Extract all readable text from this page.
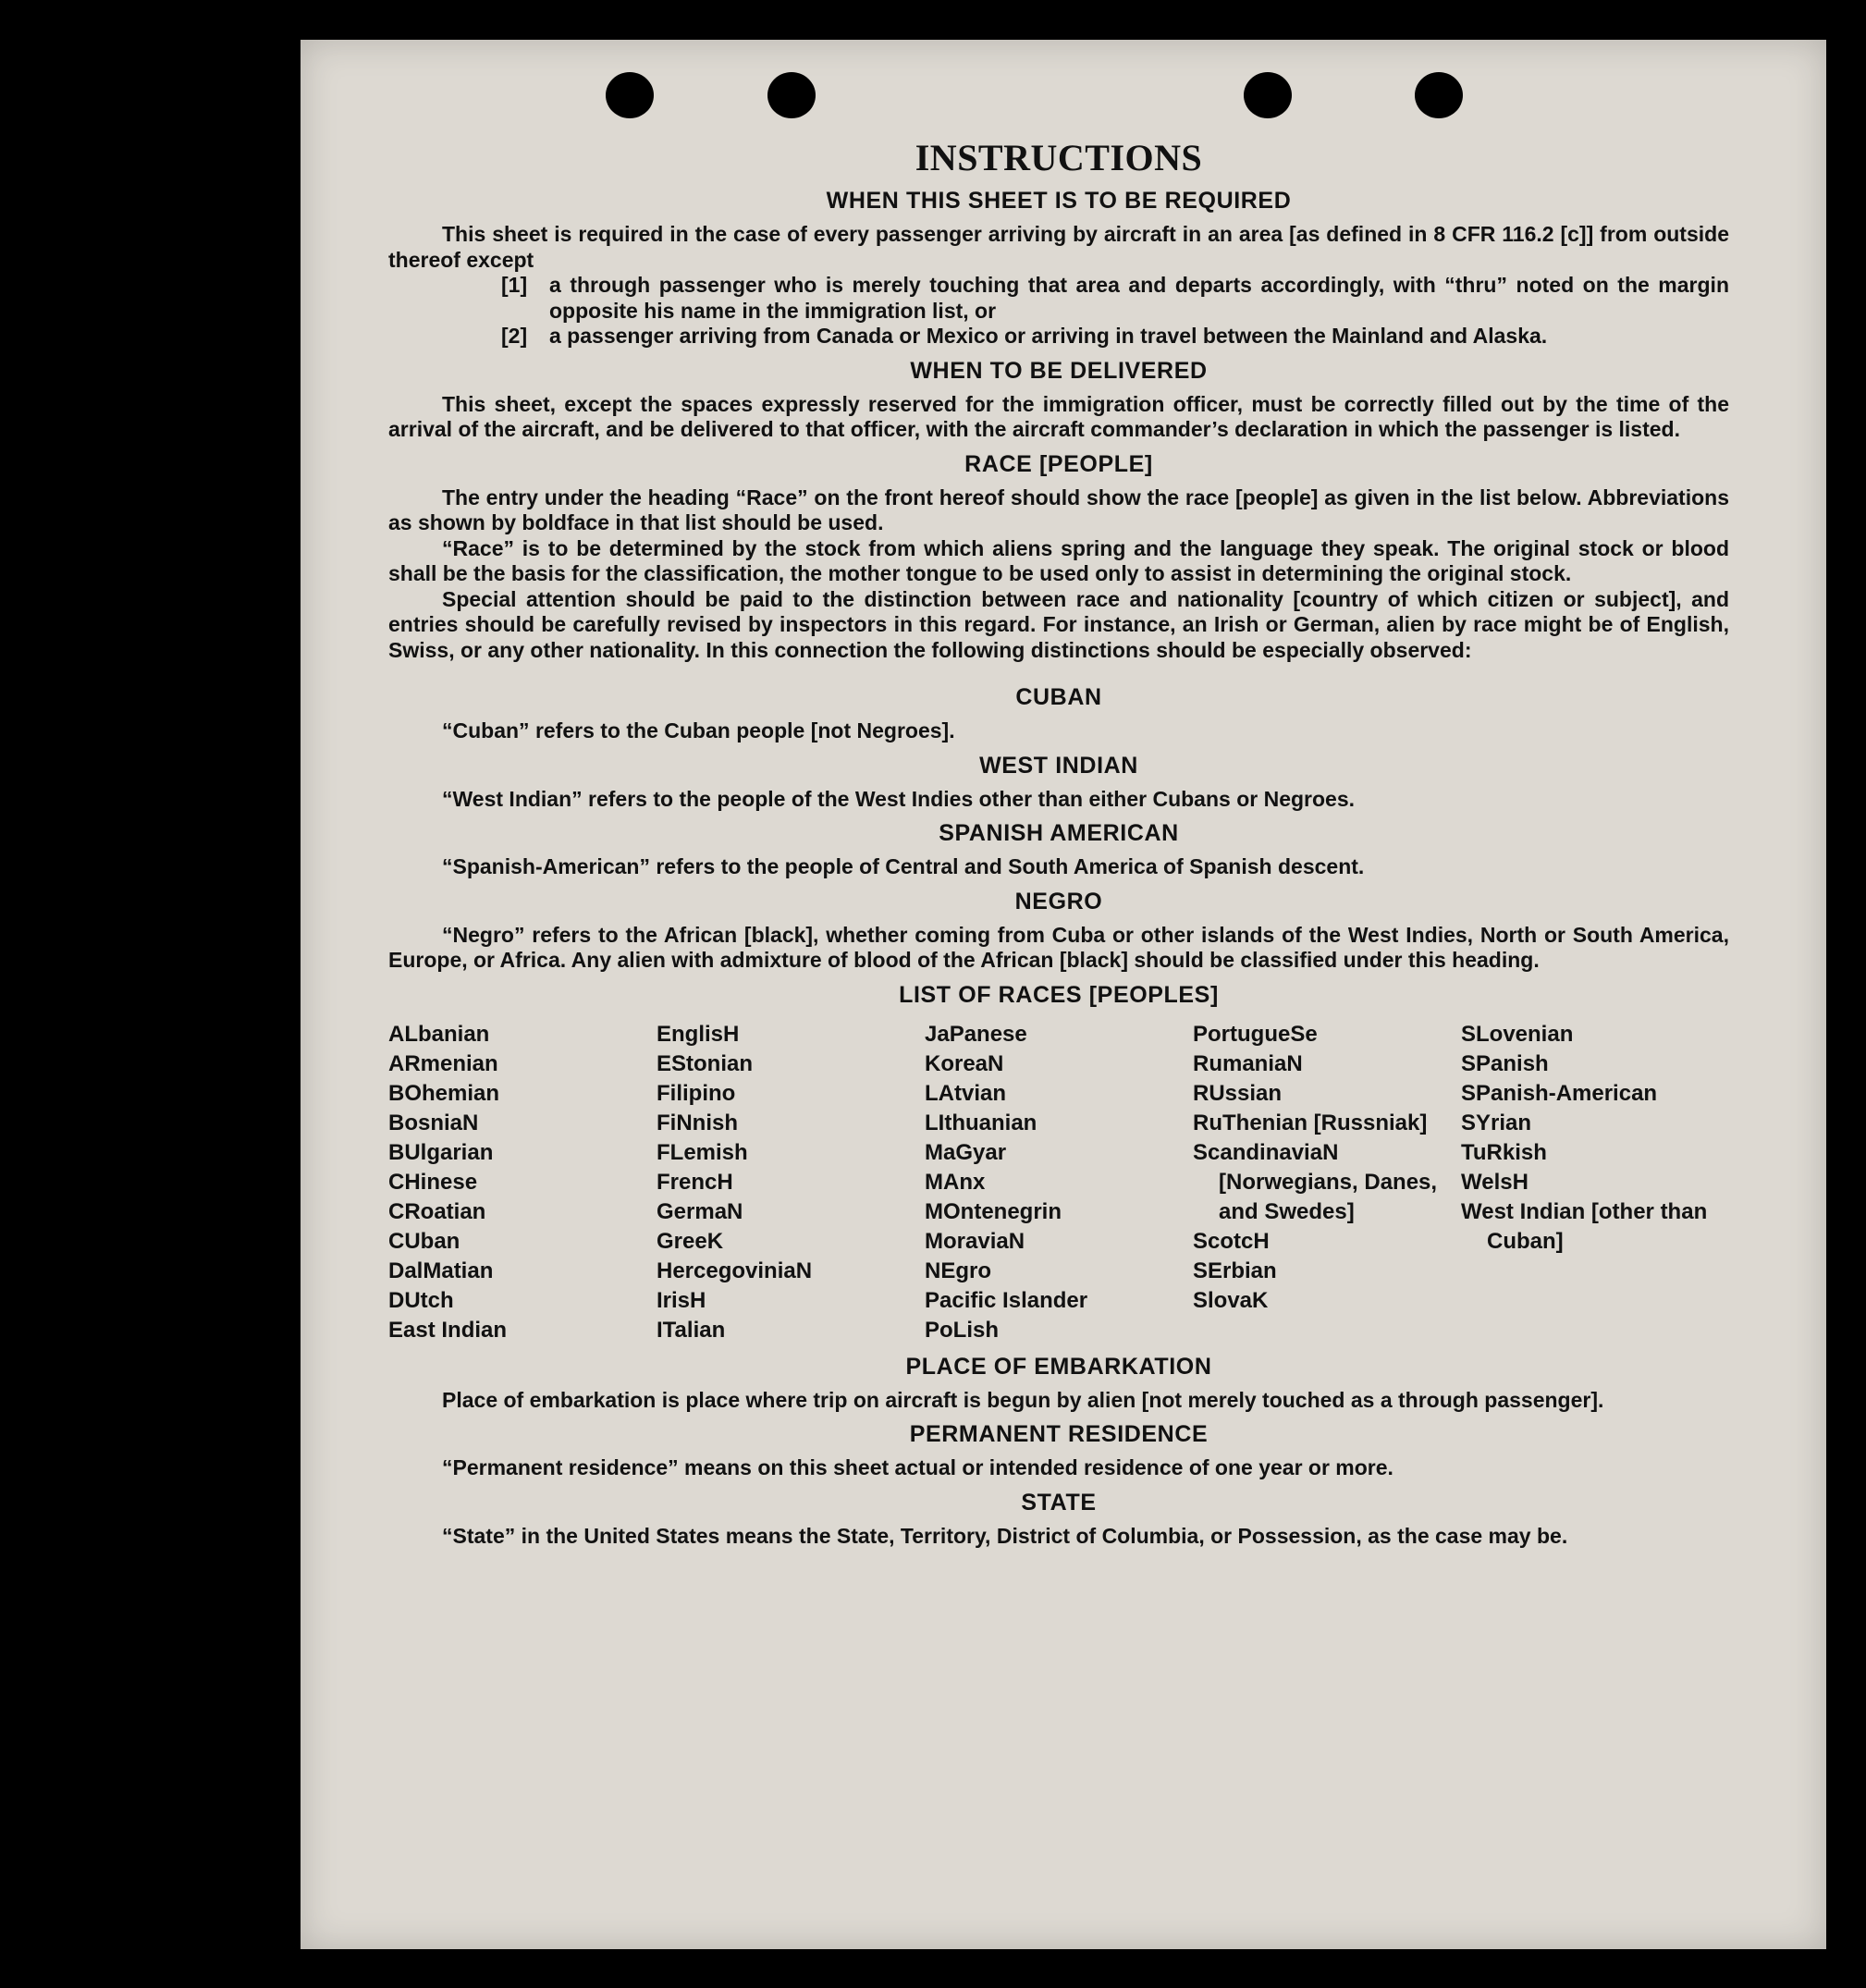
INSTRUCTIONS
WHEN THIS SHEET IS TO BE REQUIRED

This sheet is required in the case of every passenger arriving by aircraft in an area [as defined in 8 CFR 116.2 [c]] from outside thereof except

[1] a through passenger who is merely touching that area and departs accordingly, with “thru” noted on the margin opposite his name in the immigration list, or
[2] a passenger arriving from Canada or Mexico or arriving in travel between the Mainland and Alaska.
WHEN TO BE DELIVERED

This sheet, except the spaces expressly reserved for the immigration officer, must be correctly filled out by the time of the arrival of the aircraft, and be delivered to that officer, with the aircraft commander’s declaration in which the passenger is listed.

RACE [PEOPLE]

The entry under the heading “Race” on the front hereof should show the race [people] as given in the list below. Abbreviations as shown by boldface in that list should be used.

“Race” is to be determined by the stock from which aliens spring and the language they speak. The original stock or blood shall be the basis for the classification, the mother tongue to be used only to assist in determining the original stock.

Special attention should be paid to the distinction between race and nationality [country of which citizen or subject], and entries should be carefully revised by inspectors in this regard. For instance, an Irish or German, alien by race might be of English, Swiss, or any other nationality. In this connection the following distinctions should be especially observed:

CUBAN

“Cuban” refers to the Cuban people [not Negroes].

WEST INDIAN

“West Indian” refers to the people of the West Indies other than either Cubans or Negroes.

SPANISH AMERICAN

“Spanish-American” refers to the people of Central and South America of Spanish descent.

NEGRO

“Negro” refers to the African [black], whether coming from Cuba or other islands of the West Indies, North or South America, Europe, or Africa. Any alien with admixture of blood of the African [black] should be classified under this heading.

LIST OF RACES [PEOPLES]
ALbanian
ARmenian
BOhemian
BosniaN
BUlgarian
CHinese
CRoatian
CUban
DalMatian
DUtch
East Indian
EnglisH
EStonian
Filipino
FiNnish
FLemish
FrencH
GermaN
GreeK
HercegoviniaN
IrisH
ITalian
JaPanese
KoreaN
LAtvian
LIthuanian
MaGyar
MAnx
MOntenegrin
MoraviaN
NEgro
Pacific Islander
PoLish
PortugueSe
RumaniaN
RUssian
RuThenian [Russniak]
ScandinaviaN [Norwegians, Danes, and Swedes]
ScotcH
SErbian
SlovaK
SLovenian
SPanish
SPanish-American
SYrian
TuRkish
WelsH
West Indian [other than Cuban]
PLACE OF EMBARKATION

Place of embarkation is place where trip on aircraft is begun by alien [not merely touched as a through passenger].

PERMANENT RESIDENCE

“Permanent residence” means on this sheet actual or intended residence of one year or more.

STATE

“State” in the United States means the State, Territory, District of Columbia, or Possession, as the case may be.
